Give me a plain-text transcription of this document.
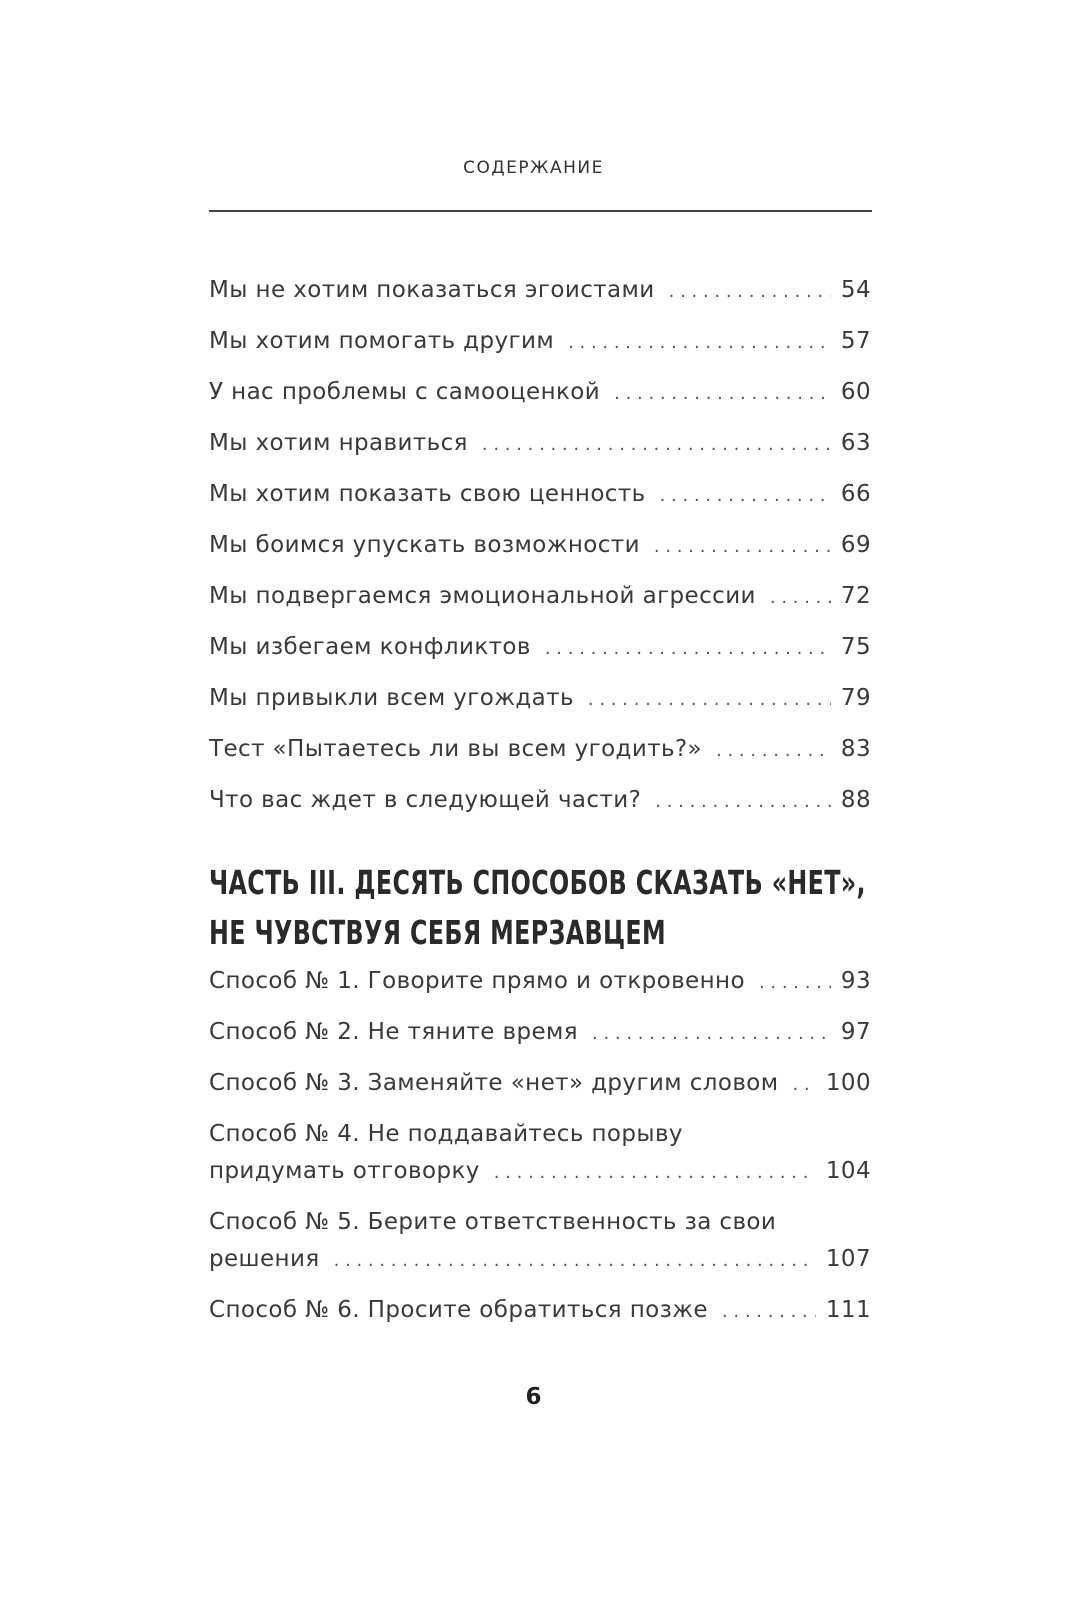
СОДЕРЖАНИЕ
Мы не хотим показаться эгоистами . . .	54
Мы хотим помогать другим . . .	57
У нас проблемы с самооценкой . . .	60
Мы хотим нравиться . . .	63
Мы хотим показать свою ценность . . .	66
Мы боимся упускать возможности . . .	69
Мы подвергаемся эмоциональной агрессии . . .	72
Мы избегаем конфликтов . . .	75
Мы привыкли всем угождать . . .	79
Тест «Пытаетесь ли вы всем угодить?» . . .	83
Что вас ждет в следующей части? . . .	88
ЧАСТЬ III. ДЕСЯТЬ СПОСОБОВ СКАЗАТЬ «НЕТ»,
НЕ ЧУВСТВУЯ СЕБЯ МЕРЗАВЦЕМ
Способ № 1. Говорите прямо и откровенно . . .	93
Способ № 2. Не тяните время . . .	97
Способ № 3. Заменяйте «нет» другим словом . . . 100
Способ № 4. Не поддавайтесь порыву
придумать отговорку . . .	104
Способ № 5. Берите ответственность за свои
решения . . .	107
Способ № 6. Просите обратиться позже . . .	111
6
